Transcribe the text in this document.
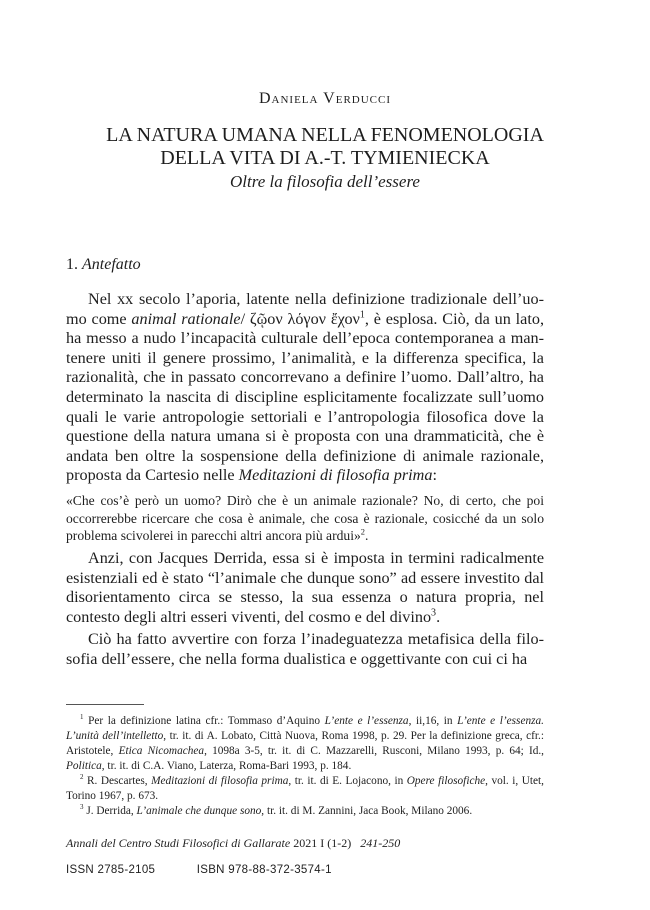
Daniela Verducci
LA NATURA UMANA NELLA FENOMENOLOGIA
DELLA VITA DI A.-T. TYMIENIECKA
Oltre la filosofia dell’essere
1. Antefatto
Nel xx secolo l’aporia, latente nella definizione tradizionale dell’uomo come animal rationale/ ζῷον λόγον ἔχον$^1$, è esplosa. Ciò, da un lato, ha messo a nudo l’incapacità culturale dell’epoca contemporanea a mantenere uniti il genere prossimo, l’animalità, e la differenza specifica, la razionalità, che in passato concorrevano a definire l’uomo. Dall’altro, ha determinato la nascita di discipline esplicitamente focalizzate sull’uomo quali le varie antropologie settoriali e l’antropologia filosofica dove la questione della natura umana si è proposta con una drammaticità, che è andata ben oltre la sospensione della definizione di animale razionale, proposta da Cartesio nelle Meditazioni di filosofia prima:
«Che cos’è però un uomo? Dirò che è un animale razionale? No, di certo, che poi occorrerebbe ricercare che cosa è animale, che cosa è razionale, cosicché da un solo problema scivolerei in parecchi altri ancora più ardui»$^2$.
Anzi, con Jacques Derrida, essa si è imposta in termini radicalmente esistenziali ed è stato “l’animale che dunque sono” ad essere investito dal disorientamento circa se stesso, la sua essenza o natura propria, nel contesto degli altri esseri viventi, del cosmo e del divino$^3$.
Ciò ha fatto avvertire con forza l’inadeguatezza metafisica della filosofia dell’essere, che nella forma dualistica e oggettivante con cui ci ha

$^1$ Per la definizione latina cfr.: Tommaso d’Aquino L’ente e l’essenza, ii,16, in L’ente e l’essenza. L’unità dell’intelletto, tr. it. di A. Lobato, Città Nuova, Roma 1998, p. 29. Per la definizione greca, cfr.: Aristotele, Etica Nicomachea, 1098a 3-5, tr. it. di C. Mazzarelli, Rusconi, Milano 1993, p. 64; Id., Politica, tr. it. di C.A. Viano, Laterza, Roma-Bari 1993, p. 184.

$^2$ R. Descartes, Meditazioni di filosofia prima, tr. it. di E. Lojacono, in Opere filosofiche, vol. i, Utet, Torino 1967, p. 673.

$^3$ J. Derrida, L’animale che dunque sono, tr. it. di M. Zannini, Jaca Book, Milano 2006.

Annali del Centro Studi Filosofici di Gallarate 2021 I (1-2) 241-250
ISSN 2785-2105	ISBN 978-88-372-3574-1
